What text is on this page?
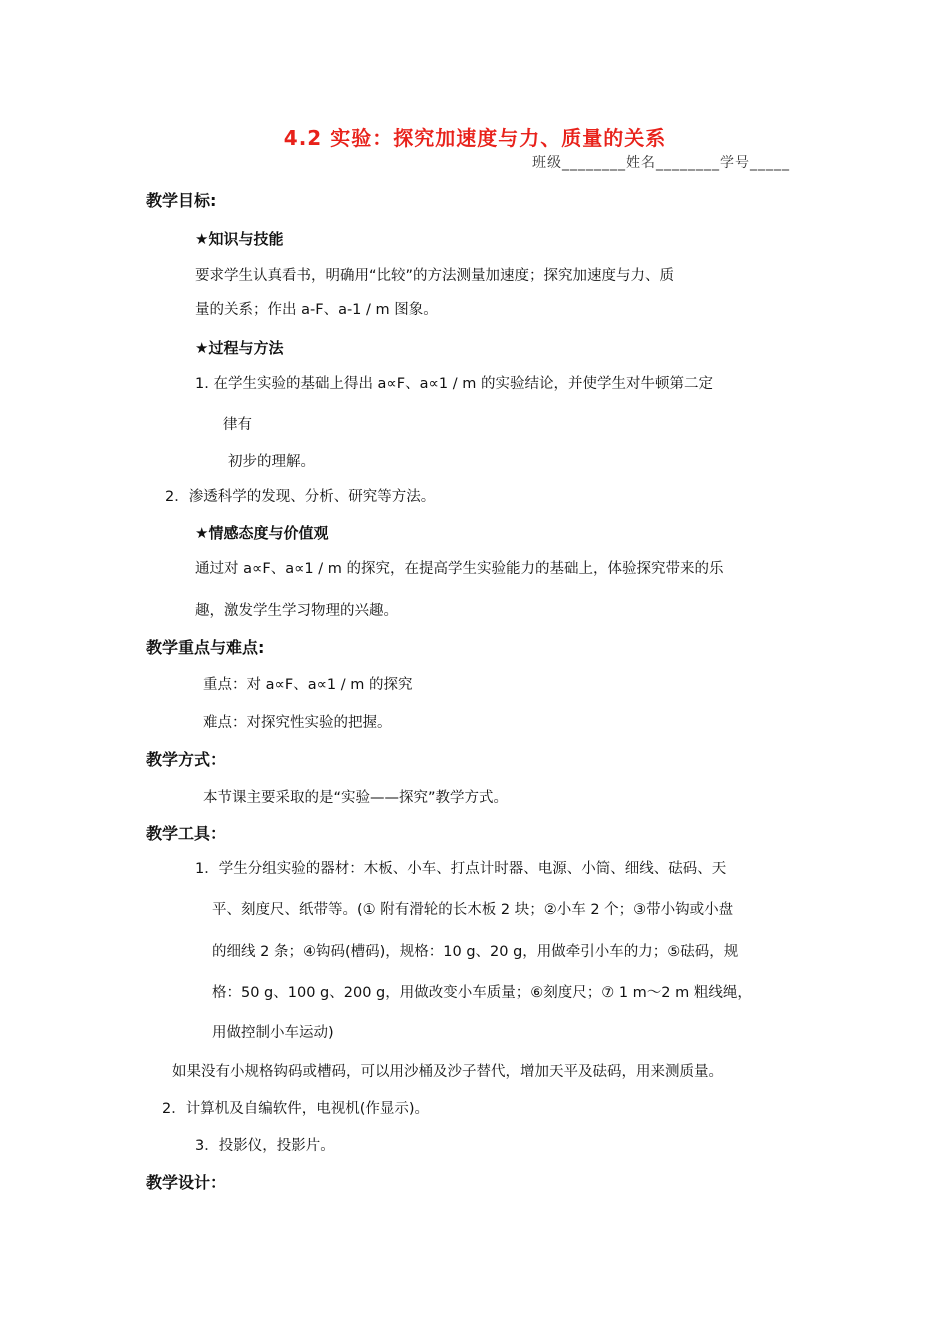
4.2 实验：探究加速度与力、质量的关系
班级________姓名________学号_____
教学目标:
★知识与技能
要求学生认真看书，明确用“比较”的方法测量加速度；探究加速度与力、质
量的关系；作出 a-F、a-1 / m 图象。
★过程与方法
1. 在学生实验的基础上得出 a∝F、a∝1 / m 的实验结论，并使学生对牛顿第二定
律有
初步的理解。
2．渗透科学的发现、分析、研究等方法。
★情感态度与价值观
通过对 a∝F、a∝1 / m 的探究，在提高学生实验能力的基础上，体验探究带来的乐
趣，激发学生学习物理的兴趣。
教学重点与难点:
重点：对 a∝F、a∝1 / m 的探究
难点：对探究性实验的把握。
教学方式：
本节课主要采取的是“实验——探究”教学方式。
教学工具：
1．学生分组实验的器材：木板、小车、打点计时器、电源、小筒、细线、砝码、天
平、刻度尺、纸带等。(① 附有滑轮的长木板 2 块；②小车 2 个；③带小钩或小盘
的细线 2 条；④钩码(槽码)，规格：10 g、20 g，用做牵引小车的力；⑤砝码，规
格：50 g、100 g、200 g，用做改变小车质量；⑥刻度尺；⑦ 1 m～2 m 粗线绳，
用做控制小车运动)
如果没有小规格钩码或槽码，可以用沙桶及沙子替代，增加天平及砝码，用来测质量。
2．计算机及自编软件，电视机(作显示)。
3．投影仪，投影片。
教学设计：
